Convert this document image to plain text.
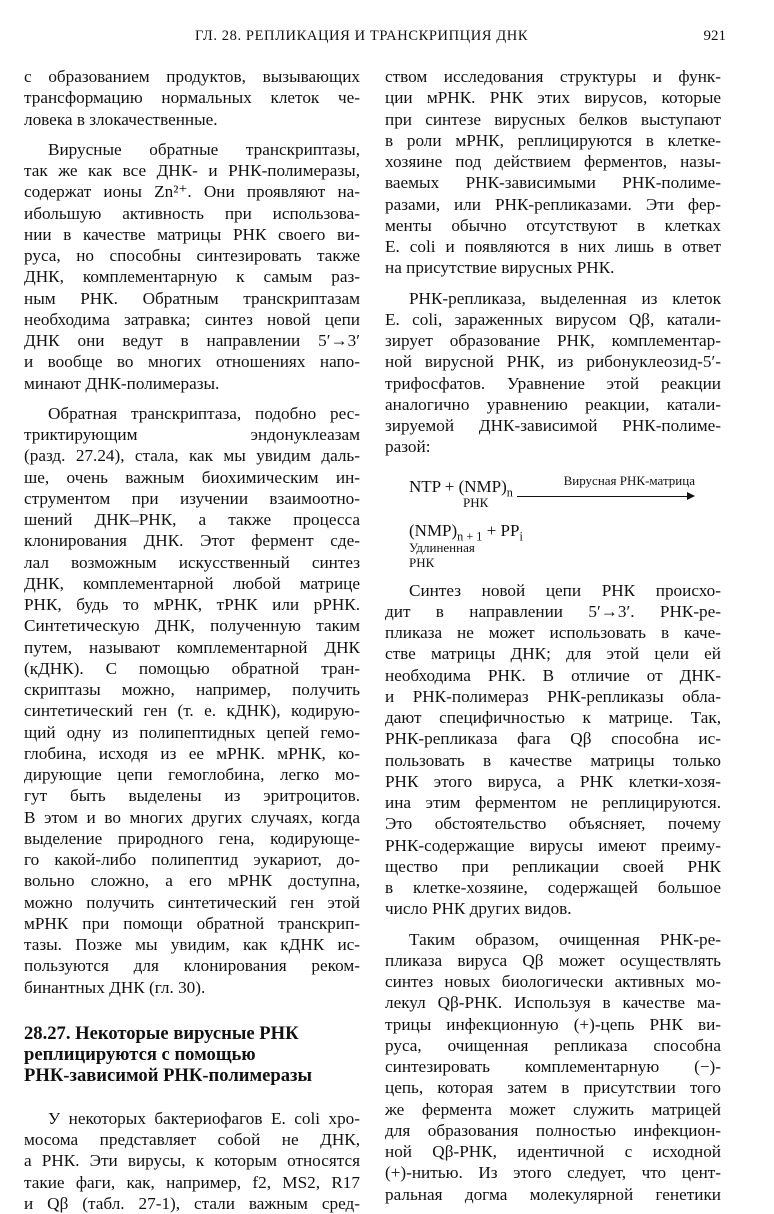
ГЛ. 28. РЕПЛИКАЦИЯ И ТРАНСКРИПЦИЯ ДНК	921

с образованием продуктов, вызывающих

трансформацию нормальных клеток че-

ловека в злокачественные.

Вирусные обратные транскриптазы,

так же как все ДНК- и РНК-полимеразы,

содержат ионы Zn²⁺. Они проявляют на-

ибольшую активность при использова-

нии в качестве матрицы РНК своего ви-

руса, но способны синтезировать также

ДНК, комплементарную к самым раз-

ным РНК. Обратным транскриптазам

необходима затравка; синтез новой цепи

ДНК они ведут в направлении 5′→3′

и вообще во многих отношениях напо-

минают ДНК-полимеразы.

Обратная транскриптаза, подобно рес-

триктирующим эндонуклеазам

(разд. 27.24), стала, как мы увидим даль-

ше, очень важным биохимическим ин-

струментом при изучении взаимоотно-

шений ДНК–РНК, а также процесса

клонирования ДНК. Этот фермент сде-

лал возможным искусственный синтез

ДНК, комплементарной любой матрице

РНК, будь то мРНК, тРНК или рРНК.

Синтетическую ДНК, полученную таким

путем, называют комплементарной ДНК

(кДНК). С помощью обратной тран-

скриптазы можно, например, получить

синтетический ген (т. е. кДНК), кодирую-

щий одну из полипептидных цепей гемо-

глобина, исходя из ее мРНК. мРНК, ко-

дирующие цепи гемоглобина, легко мо-

гут быть выделены из эритроцитов.

В этом и во многих других случаях, когда

выделение природного гена, кодирующе-

го какой-либо полипептид эукариот, до-

вольно сложно, а его мРНК доступна,

можно получить синтетический ген этой

мРНК при помощи обратной транскрип-

тазы. Позже мы увидим, как кДНК ис-

пользуются для клонирования реком-

бинантных ДНК (гл. 30).

28.27. Некоторые вирусные РНК
реплицируются с помощью
РНК-зависимой РНК-полимеразы

У некоторых бактериофагов E. coli хро-

мосома представляет собой не ДНК,

а РНК. Эти вирусы, к которым относятся

такие фаги, как, например, f2, MS2, R17

и Qβ (табл. 27-1), стали важным сред-

ством исследования структуры и функ-

ции мРНК. РНК этих вирусов, которые

при синтезе вирусных белков выступают

в роли мРНК, реплицируются в клетке-

хозяине под действием ферментов, назы-

ваемых РНК-зависимыми РНК-полиме-

разами, или РНК-репликазами. Эти фер-

менты обычно отсутствуют в клетках

E. coli и появляются в них лишь в ответ

на присутствие вирусных РНК.

РНК-репликаза, выделенная из клеток

E. coli, зараженных вирусом Qβ, катали-

зирует образование РНК, комплементар-

ной вирусной РНК, из рибонуклеозид-5′-

трифосфатов. Уравнение этой реакции

аналогично уравнению реакции, катали-

зируемой ДНК-зависимой РНК-полиме-

разой:

NTP + $(NMP)_n$
Вирусная РНК-матрица
РНК
$(NMP)_{n + 1} + PP_i$
Удлиненная
РНК

Синтез новой цепи РНК происхо-

дит в направлении 5′→3′. РНК-ре-

пликаза не может использовать в каче-

стве матрицы ДНК; для этой цели ей

необходима РНК. В отличие от ДНК-

и РНК-полимераз РНК-репликазы обла-

дают специфичностью к матрице. Так,

РНК-репликаза фага Qβ способна ис-

пользовать в качестве матрицы только

РНК этого вируса, а РНК клетки-хозя-

ина этим ферментом не реплицируются.

Это обстоятельство объясняет, почему

РНК-содержащие вирусы имеют преиму-

щество при репликации своей РНК

в клетке-хозяине, содержащей большое

число РНК других видов.

Таким образом, очищенная РНК-ре-

пликаза вируса Qβ может осуществлять

синтез новых биологически активных мо-

лекул Qβ-РНК. Используя в качестве ма-

трицы инфекционную (+)-цепь РНК ви-

руса, очищенная репликаза способна

синтезировать комплементарную (−)-

цепь, которая затем в присутствии того

же фермента может служить матрицей

для образования полностью инфекцион-

ной Qβ-РНК, идентичной с исходной

(+)-нитью. Из этого следует, что цент-

ральная догма молекулярной генетики
